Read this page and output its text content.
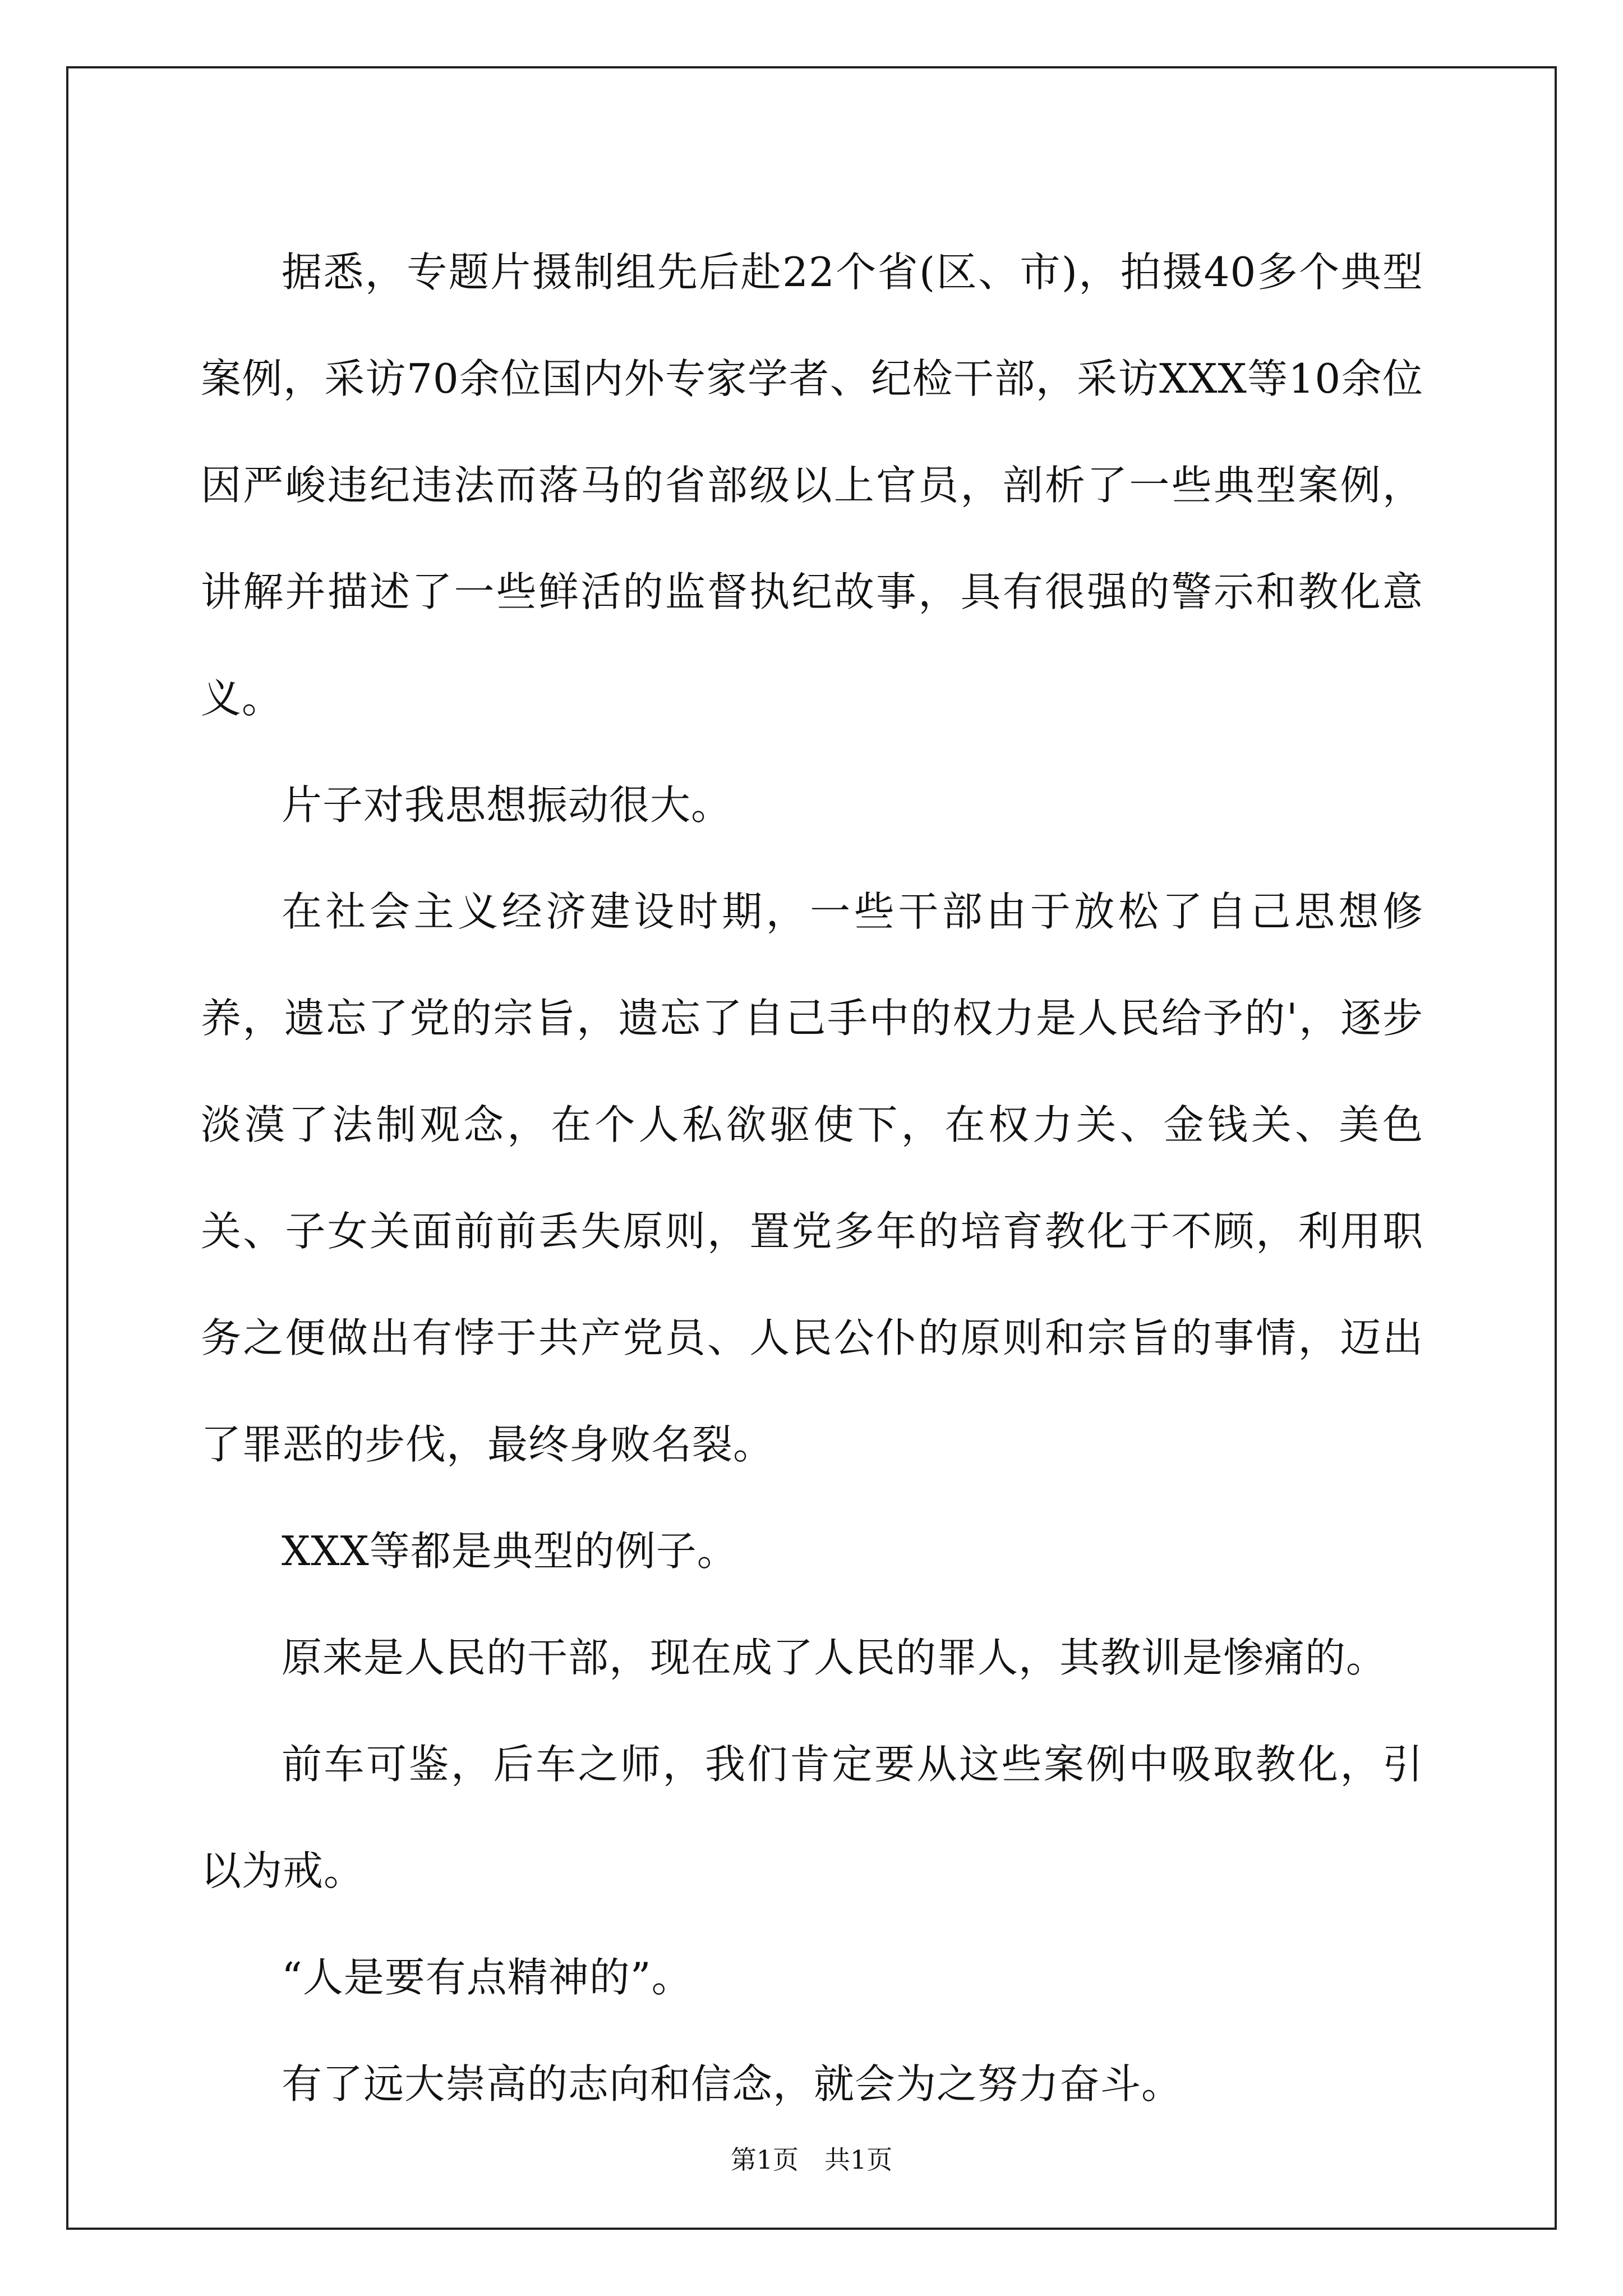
据悉，专题片摄制组先后赴22个省(区、市)，拍摄40多个典型案例，采访70余位国内外专家学者、纪检干部，采访XXX等10余位因严峻违纪违法而落马的省部级以上官员，剖析了一些典型案例，讲解并描述了一些鲜活的监督执纪故事，具有很强的警示和教化意义。

片子对我思想振动很大。

在社会主义经济建设时期，一些干部由于放松了自己思想修养，遗忘了党的宗旨，遗忘了自己手中的权力是人民给予的'，逐步淡漠了法制观念，在个人私欲驱使下，在权力关、金钱关、美色关、子女关面前前丢失原则，置党多年的培育教化于不顾，利用职务之便做出有悖于共产党员、人民公仆的原则和宗旨的事情，迈出了罪恶的步伐，最终身败名裂。

XXX等都是典型的例子。

原来是人民的干部，现在成了人民的罪人，其教训是惨痛的。

前车可鉴，后车之师，我们肯定要从这些案例中吸取教化，引以为戒。

“人是要有点精神的”。

有了远大崇高的志向和信念，就会为之努力奋斗。

第1页　共1页
